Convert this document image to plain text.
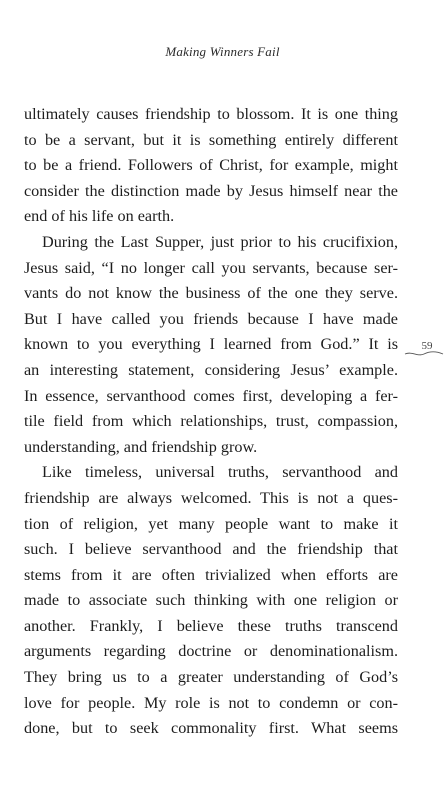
Making Winners Fail
ultimately causes friendship to blossom. It is one thing
to be a servant, but it is something entirely different
to be a friend. Followers of Christ, for example, might
consider the distinction made by Jesus himself near the
end of his life on earth.
During the Last Supper, just prior to his crucifixion,
Jesus said, “I no longer call you servants, because ser-
vants do not know the business of the one they serve.
But I have called you friends because I have made
known to you everything I learned from God.” It is
an interesting statement, considering Jesus’ example.
In essence, servanthood comes first, developing a fer-
tile field from which relationships, trust, compassion,
understanding, and friendship grow.
Like timeless, universal truths, servanthood and
friendship are always welcomed. This is not a ques-
tion of religion, yet many people want to make it
such. I believe servanthood and the friendship that
stems from it are often trivialized when efforts are
made to associate such thinking with one religion or
another. Frankly, I believe these truths transcend
arguments regarding doctrine or denominationalism.
They bring us to a greater understanding of God’s
love for people. My role is not to condemn or con-
done, but to seek commonality first. What seems
59
